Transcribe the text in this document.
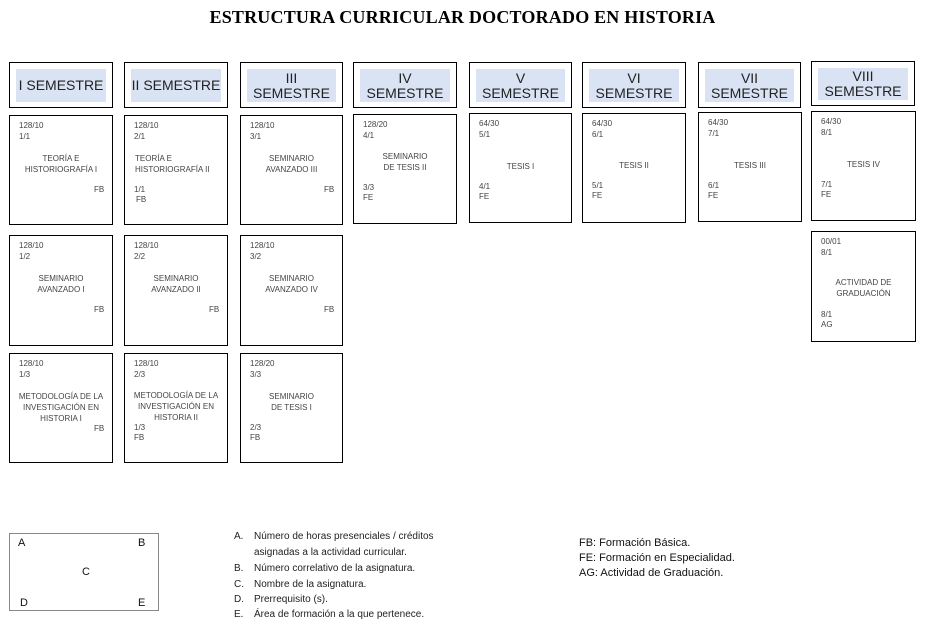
ESTRUCTURA CURRICULAR DOCTORADO EN HISTORIA
I SEMESTRE II SEMESTRE	III SEMESTRE
IV SEMESTRE
V SEMESTRE
VI SEMESTRE
VII SEMESTRE
VIII SEMESTRE
128/10
1/1
TEORÍA E HISTORIOGRAFÍA I
FB
128/10
2/1
TEORÍA E HISTORIOGRAFÍA II
1/1
FB
128/10
3/1
SEMINARIO AVANZADO III
FB
128/20
4/1
SEMINARIO DE TESIS II
3/3
FE
64/30
5/1
TESIS I
4/1
FE
64/30
6/1
TESIS II
5/1
FE
64/30
7/1
TESIS III
6/1
FE
64/30
8/1
TESIS IV
7/1
FE
128/10
1/2
SEMINARIO AVANZADO I
FB
128/10
2/2
SEMINARIO AVANZADO II
FB
128/10
3/2
SEMINARIO AVANZADO IV
FB
00/01
8/1
ACTIVIDAD DE GRADUACIÓN
8/1
AG
128/10
1/3
METODOLOGÍA DE LA INVESTIGACIÓN EN HISTORIA I
FB
128/10
2/3
METODOLOGÍA DE LA INVESTIGACIÓN EN HISTORIA II
1/3
FB
128/20
3/3
SEMINARIO DE TESIS I
2/3
FB
A	B
C
D	E
A. Número de horas presenciales / créditos
asignadas a la actividad curricular.
B. Número correlativo de la asignatura.
C. Nombre de la asignatura.
D. Prerrequisito (s).
E. Área de formación a la que pertenece.
FB: Formación Básica.
FE: Formación en Especialidad.
AG: Actividad de Graduación.
